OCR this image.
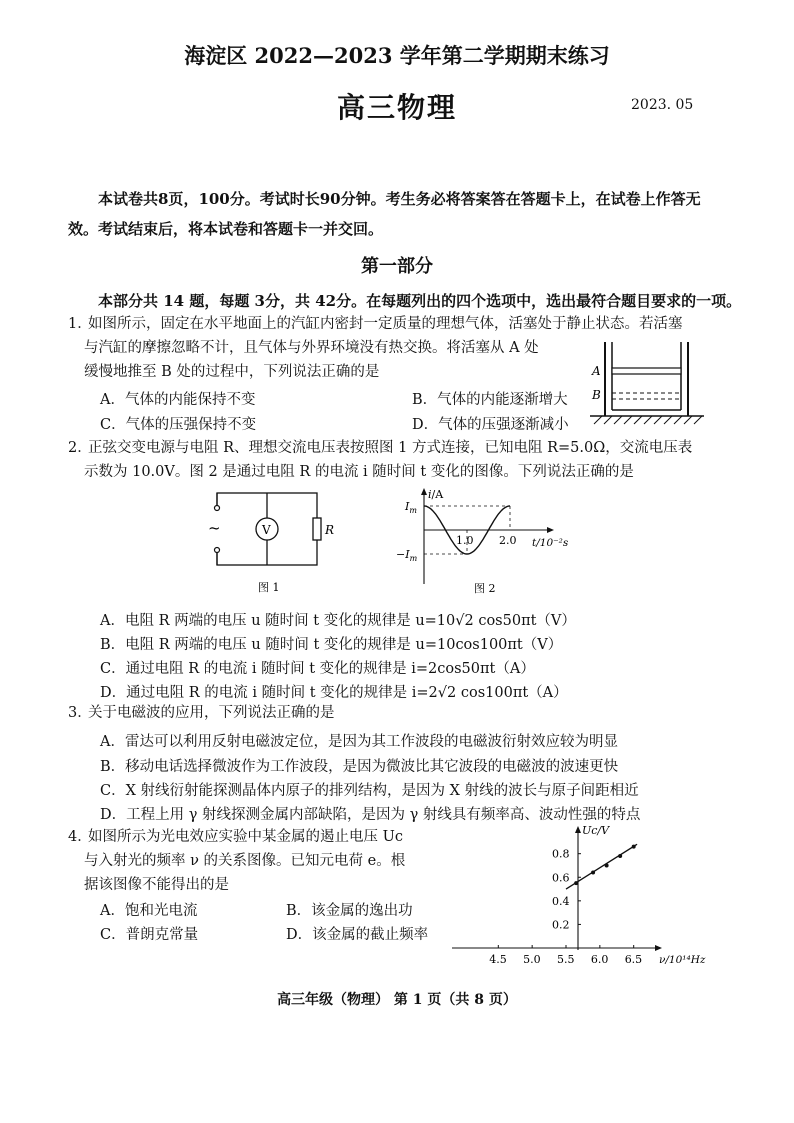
海淀区 2022—2023 学年第二学期期末练习
高三物理	2023. 05
本试卷共8页，100分。考试时长90分钟。考生务必将答案答在答题卡上，在试卷上作答无效。考试结束后，将本试卷和答题卡一并交回。
第一部分
本部分共 14 题，每题 3分，共 42分。在每题列出的四个选项中，选出最符合题目要求的一项。
1．如图所示，固定在水平地面上的汽缸内密封一定质量的理想气体，活塞处于静止状态。若活塞
与汽缸的摩擦忽略不计，且气体与外界环境没有热交换。将活塞从 A 处
缓慢地推至 B 处的过程中，下列说法正确的是
A．气体的内能保持不变	B．气体的内能逐渐增大
C．气体的压强保持不变	D．气体的压强逐渐减小
A
B
2．正弦交变电源与电阻 R、理想交流电压表按照图 1 方式连接，已知电阻 R=5.0Ω，交流电压表
示数为 10.0V。图 2 是通过电阻 R 的电流 i 随时间 t 变化的图像。下列说法正确的是
~	V	R
图 1
i/A
$I_m$
$-I_m$
1.0 2.0 t/10⁻²s
图 2
A．电阻 R 两端的电压 u 随时间 t 变化的规律是 u=10√2 cos50πt（V）
B．电阻 R 两端的电压 u 随时间 t 变化的规律是 u=10cos100πt（V）
C．通过电阻 R 的电流 i 随时间 t 变化的规律是 i=2cos50πt（A）
D．通过电阻 R 的电流 i 随时间 t 变化的规律是 i=2√2 cos100πt（A）
3．关于电磁波的应用，下列说法正确的是
A．雷达可以利用反射电磁波定位，是因为其工作波段的电磁波衍射效应较为明显
B．移动电话选择微波作为工作波段，是因为微波比其它波段的电磁波的波速更快
C．X 射线衍射能探测晶体内原子的排列结构，是因为 X 射线的波长与原子间距相近
D．工程上用 γ 射线探测金属内部缺陷，是因为 γ 射线具有频率高、波动性强的特点
4．如图所示为光电效应实验中某金属的遏止电压 Uc
与入射光的频率 ν 的关系图像。已知元电荷 e。根
据该图像不能得出的是
A．饱和光电流	B．该金属的逸出功
C．普朗克常量	D．该金属的截止频率
4.5 5.0 5.5 6.0 6.5
0.2
0.4
0.6
0.8
Uc/V
ν/10¹⁴Hz
高三年级（物理） 第 1 页（共 8 页）
